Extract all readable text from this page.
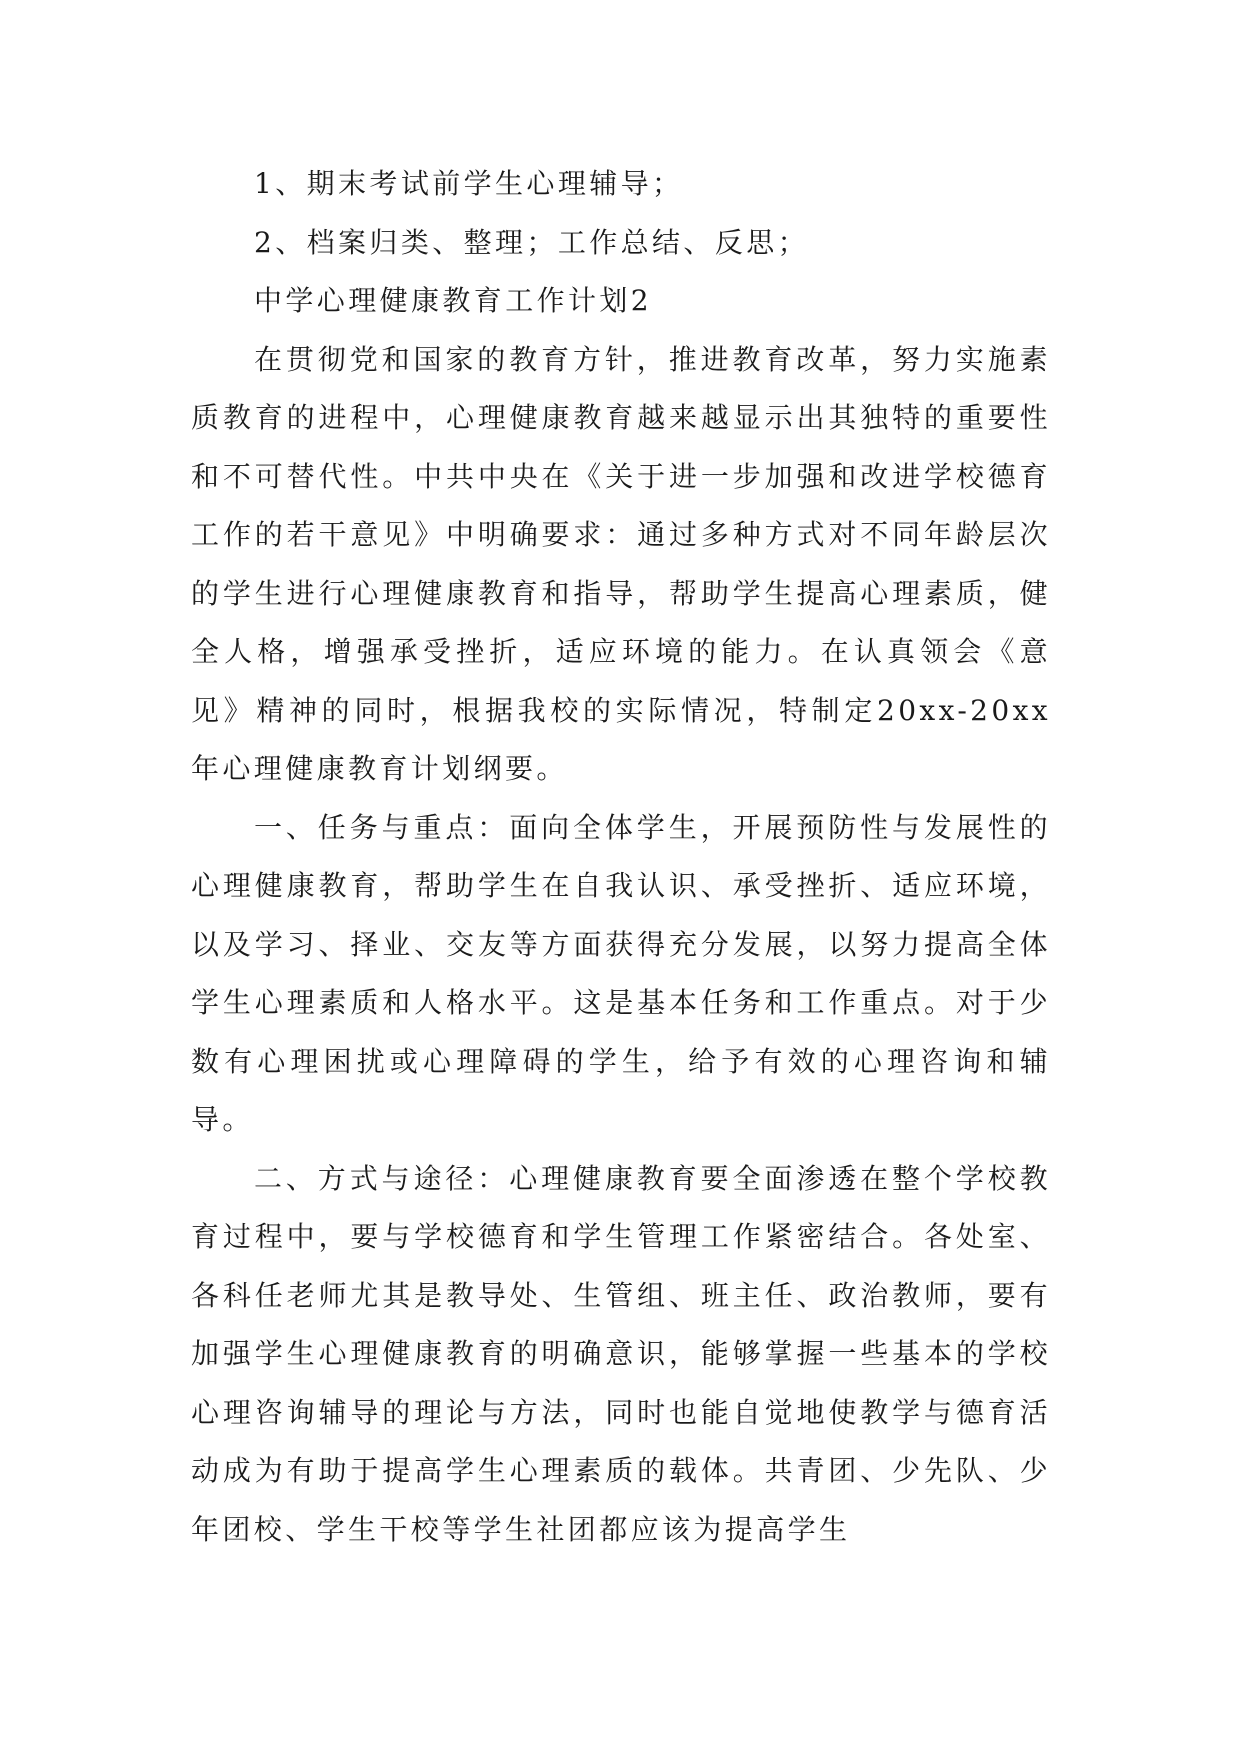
1、期末考试前学生心理辅导；

2、档案归类、整理；工作总结、反思；

中学心理健康教育工作计划2

在贯彻党和国家的教育方针，推进教育改革，努力实施素质教育的进程中，心理健康教育越来越显示出其独特的重要性和不可替代性。中共中央在《关于进一步加强和改进学校德育工作的若干意见》中明确要求：通过多种方式对不同年龄层次的学生进行心理健康教育和指导，帮助学生提高心理素质，健全人格，增强承受挫折，适应环境的能力。在认真领会《意见》精神的同时，根据我校的实际情况，特制定20xx-20xx年心理健康教育计划纲要。

一、任务与重点：面向全体学生，开展预防性与发展性的心理健康教育，帮助学生在自我认识、承受挫折、适应环境，以及学习、择业、交友等方面获得充分发展，以努力提高全体学生心理素质和人格水平。这是基本任务和工作重点。对于少数有心理困扰或心理障碍的学生，给予有效的心理咨询和辅导。

二、方式与途径：心理健康教育要全面渗透在整个学校教育过程中，要与学校德育和学生管理工作紧密结合。各处室、各科任老师尤其是教导处、生管组、班主任、政治教师，要有加强学生心理健康教育的明确意识，能够掌握一些基本的学校心理咨询辅导的理论与方法，同时也能自觉地使教学与德育活动成为有助于提高学生心理素质的载体。共青团、少先队、少年团校、学生干校等学生社团都应该为提高学生
